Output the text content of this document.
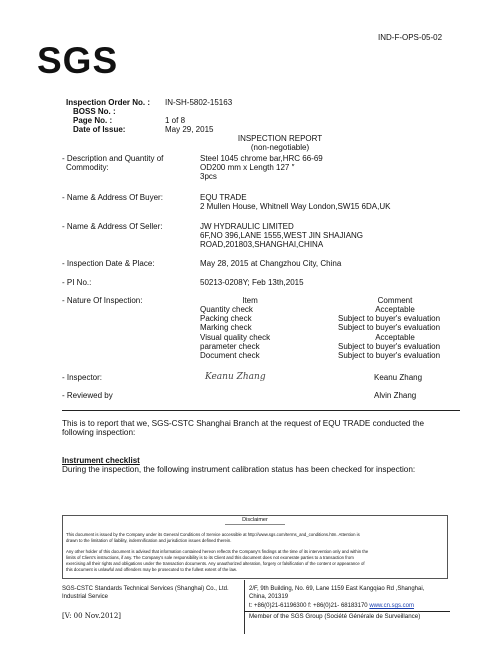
SGS
IND-F-OPS-05-02
Inspection Order No. : IN-SH-5802-15163
BOSS No. :
Page No. :	1 of 8
Date of Issue:	May 29, 2015
INSPECTION REPORT
(non-negotiable)
- Description and Quantity of
Commodity:
Steel 1045 chrome bar,HRC 66-69
OD200 mm x Length 127 ″
3pcs
- Name & Address Of Buyer:	EQU TRADE
2 Mullen House, Whitnell Way London,SW15 6DA,UK
- Name & Address Of Seller:	JW HYDRAULIC LIMITED
6F,NO 396,LANE 1555,WEST JIN SHAJIANG
ROAD,201803,SHANGHAI,CHINA
- Inspection Date & Place:	May 28, 2015 at Changzhou City, China
- PI No.:	50213-0208Y; Feb 13th,2015
- Nature Of Inspection:	Item	Comment
Quantity check	Acceptable
Packing check	Subject to buyer's evaluation
Marking check	Subject to buyer's evaluation
Visual quality check	Acceptable
parameter check	Subject to buyer's evaluation
Document check	Subject to buyer's evaluation
- Inspector:	Keanu Zhang	Keanu Zhang
- Reviewed by	Alvin Zhang
This is to report that we, SGS-CSTC Shanghai Branch at the request of EQU TRADE conducted the
following inspection:
Instrument checklist
During the inspection, the following instrument calibration status has been checked for inspection:
Disclaimer
This document is issued by the Company under its General Conditions of Service accessible at http://www.sgs.com/terms_and_conditions.htm. Attention is
drawn to the limitation of liability, indemnification and jurisdiction issues defined therein.
Any other holder of this document is advised that information contained hereon reflects the Company's findings at the time of its intervention only and within the
limits of Client's instructions, if any. The Company's sole responsibility is to its Client and this document does not exonerate parties to a transaction from
exercising all their rights and obligations under the transaction documents. Any unauthorized alteration, forgery or falsification of the content or appearance of
this document is unlawful and offenders may be prosecuted to the fullest extent of the law.
SGS-CSTC Standards Technical Services (Shanghai) Co., Ltd.
Industrial Service
2/F, 9th Building, No. 69, Lane 1159 East Kangqiao Rd ,Shanghai,
China, 201319
t: +86(0)21-61196300 f: +86(0)21- 68183170 www.cn.sgs.com
[V: 00 Nov.2012]	Member of the SGS Group (Société Générale de Surveillance)
